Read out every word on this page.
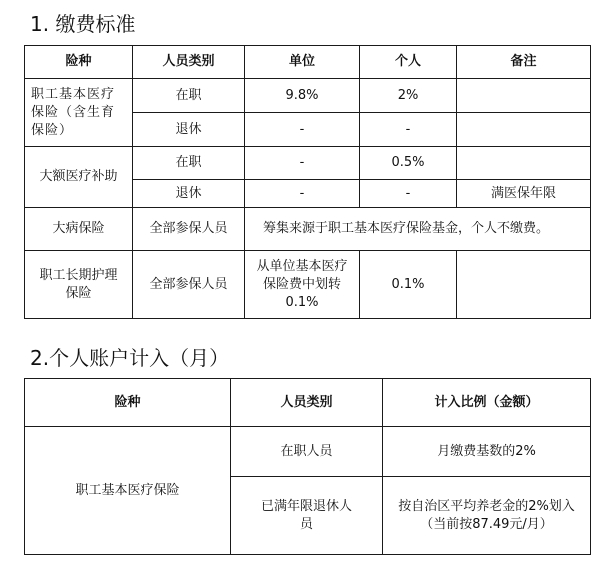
1. 缴费标准
险种	人员类别	单位	个人	备注
职工基本医疗保险（含生育保险）	在职	9.8%	2%	
	退休	-	-	
大额医疗补助	在职	-	0.5%	
	退休	-	-	满医保年限
大病保险	全部参保人员	筹集来源于职工基本医疗保险基金，个人不缴费。		
职工长期护理保险	全部参保人员	从单位基本医疗保险费中划转0.1%	0.1%	
2.个人账户计入（月）
险种	人员类别	计入比例（金额）
职工基本医疗保险	在职人员	月缴费基数的2%
	已满年限退休人员	按自治区平均养老金的2%划入（当前按87.49元/月）
